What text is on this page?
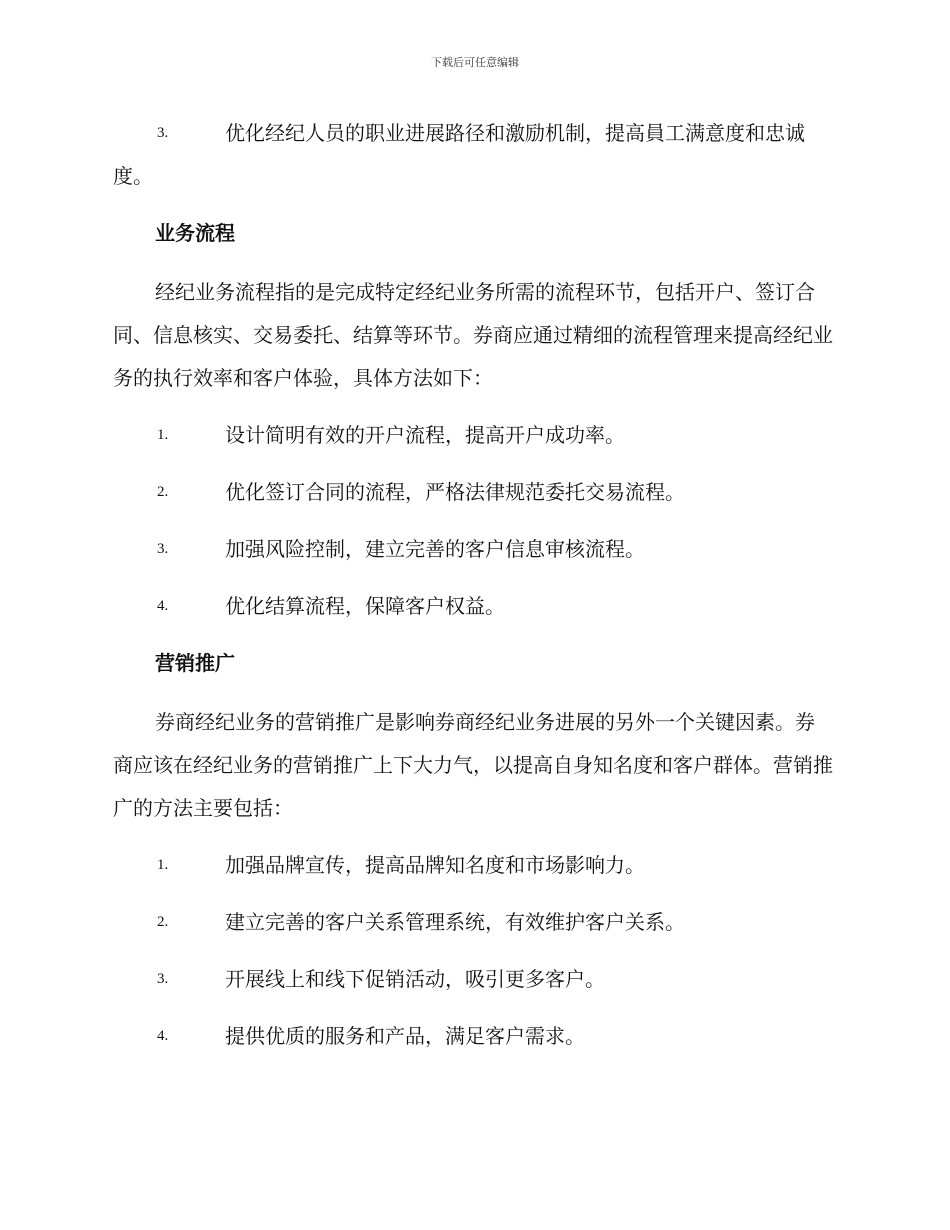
下载后可任意编辑

3.	优化经纪人员的职业进展路径和激励机制，提高員工满意度和忠诚度。

业务流程

经纪业务流程指的是完成特定经纪业务所需的流程环节，包括开户、签订合同、信息核实、交易委托、结算等环节。券商应通过精细的流程管理来提高经纪业务的执行效率和客户体验，具体方法如下：

1.	设计简明有效的开户流程，提高开户成功率。

2.	优化签订合同的流程，严格法律规范委托交易流程。

3.	加强风险控制，建立完善的客户信息审核流程。

4.	优化结算流程，保障客户权益。

营销推广

券商经纪业务的营销推广是影响券商经纪业务进展的另外一个关键因素。券商应该在经纪业务的营销推广上下大力气，以提高自身知名度和客户群体。营销推广的方法主要包括：

1.	加强品牌宣传，提高品牌知名度和市场影响力。

2.	建立完善的客户关系管理系统，有效维护客户关系。

3.	开展线上和线下促销活动，吸引更多客户。

4.	提供优质的服务和产品，满足客户需求。
